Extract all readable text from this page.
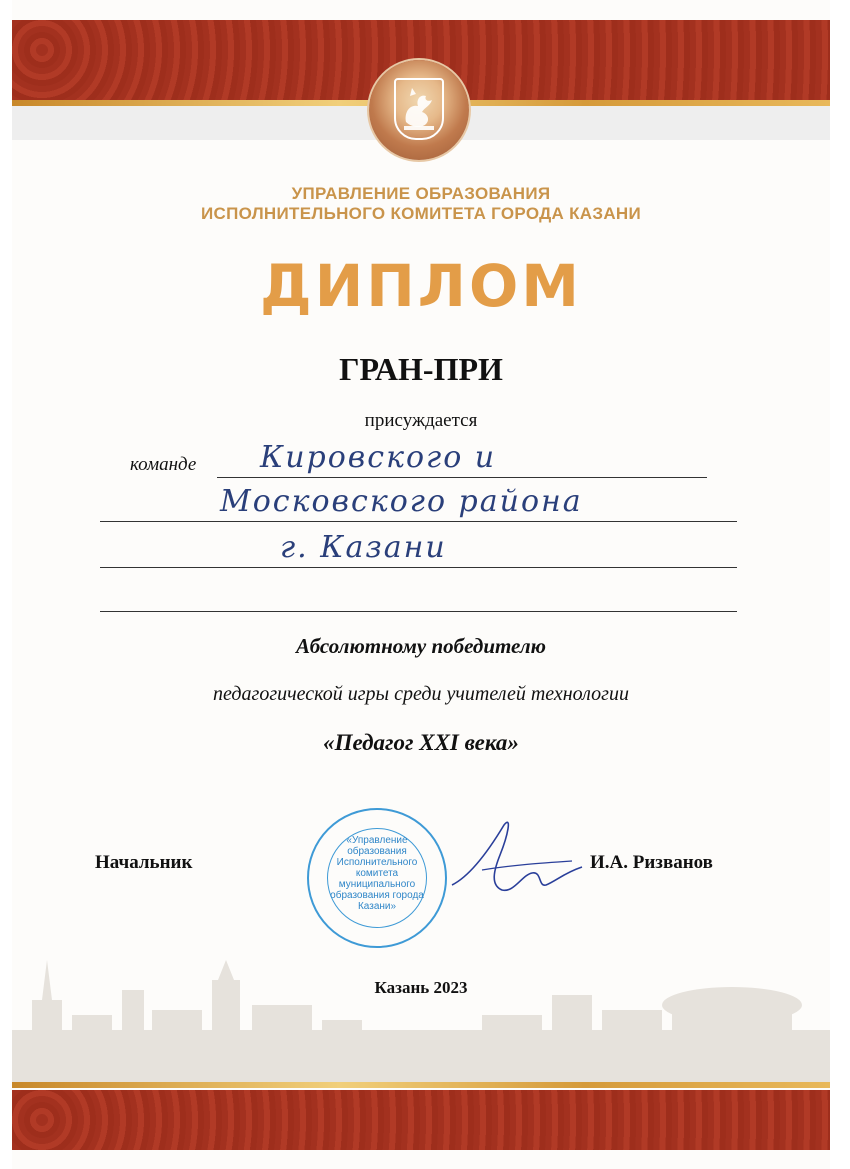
УПРАВЛЕНИЕ ОБРАЗОВАНИЯ
ИСПОЛНИТЕЛЬНОГО КОМИТЕТА ГОРОДА КАЗАНИ
ДИПЛОМ
ГРАН-ПРИ
присуждается
команде Кировского и
Московского района
г. Казани
Абсолютному победителю
педагогической игры среди учителей технологии
«Педагог XXI века»
Начальник	И.А. Ризванов
«Управление образования Исполнительного комитета муниципального образования города Казани»
Казань 2023
